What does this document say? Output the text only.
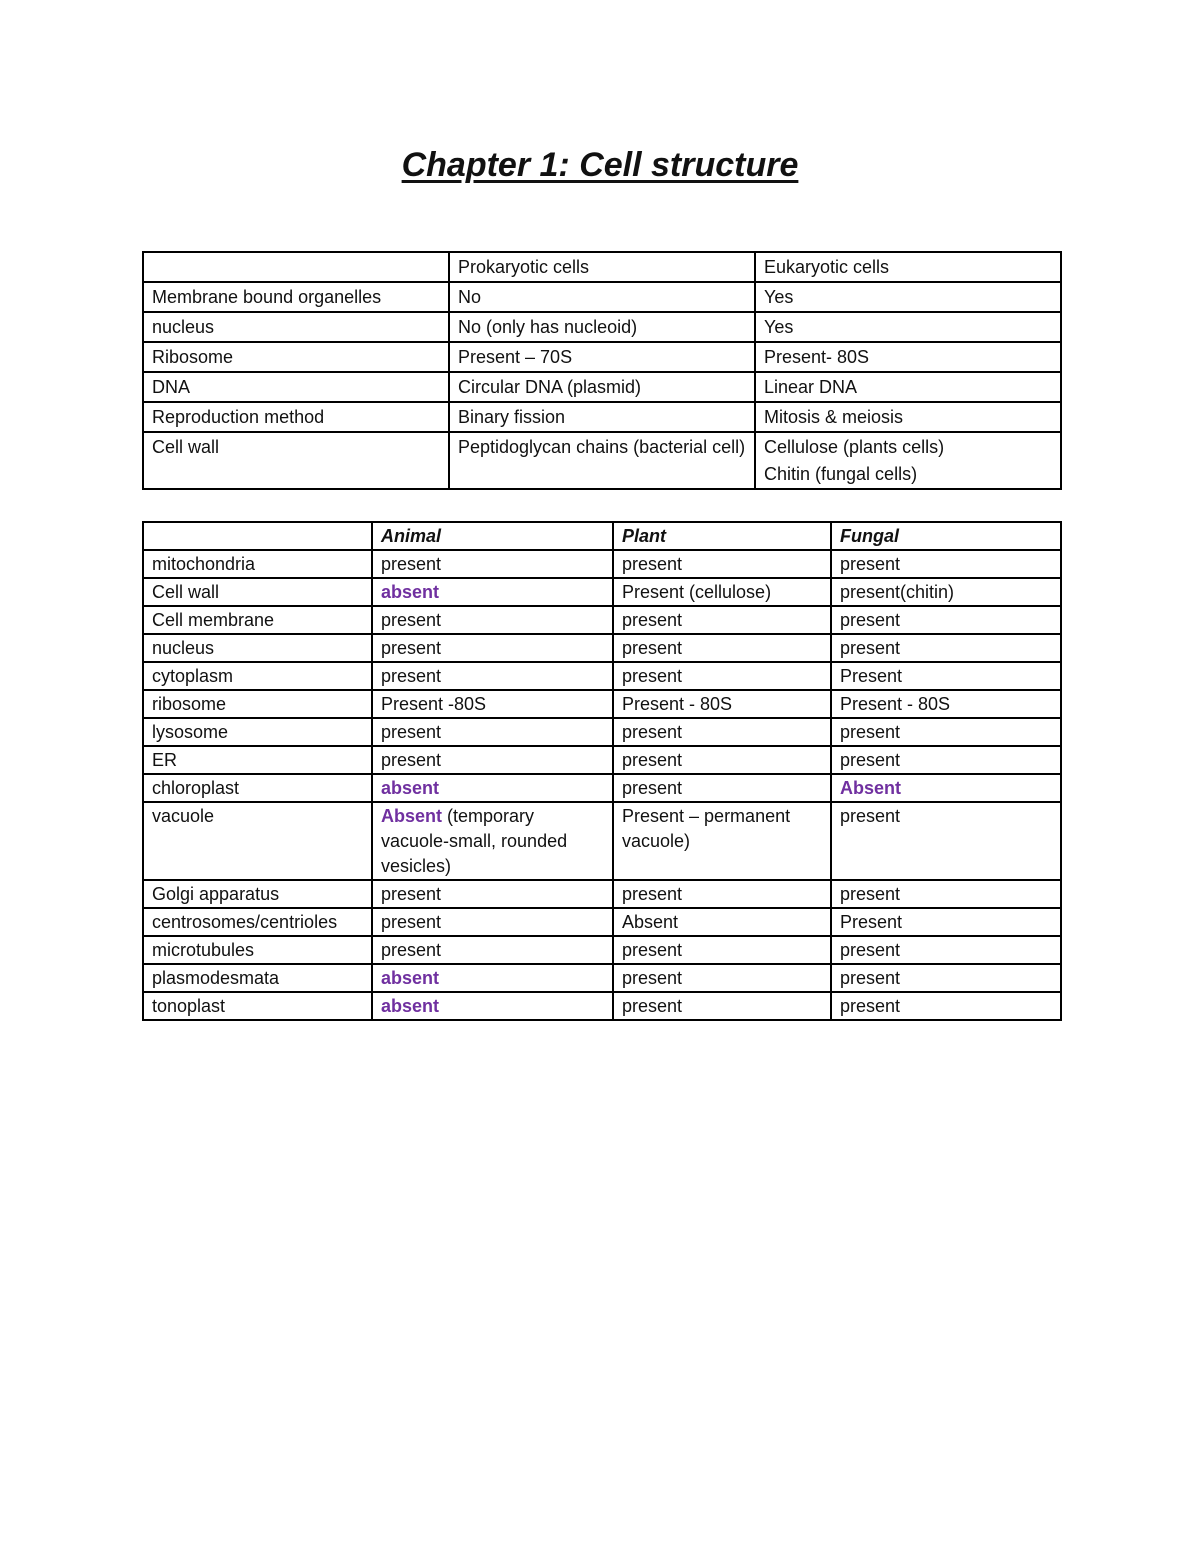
Chapter 1: Cell structure
	Prokaryotic cells	Eukaryotic cells
Membrane bound organelles	No	Yes
nucleus	No (only has nucleoid)	Yes
Ribosome	Present – 70S	Present- 80S
DNA	Circular DNA (plasmid)	Linear DNA
Reproduction method	Binary fission	Mitosis & meiosis
Cell wall	Peptidoglycan chains (bacterial cell)	Cellulose (plants cells)
Chitin (fungal cells)
	Animal	Plant	Fungal
mitochondria	present	present	present
Cell wall	absent	Present (cellulose)	present(chitin)
Cell membrane	present	present	present
nucleus	present	present	present
cytoplasm	present	present	Present
ribosome	Present -80S	Present - 80S	Present - 80S
lysosome	present	present	present
ER	present	present	present
chloroplast	absent	present	Absent
vacuole	Absent (temporary vacuole-small, rounded vesicles)	Present – permanent vacuole)	present
Golgi apparatus	present	present	present
centrosomes/centrioles	present	Absent	Present
microtubules	present	present	present
plasmodesmata	absent	present	present
tonoplast	absent	present	present
